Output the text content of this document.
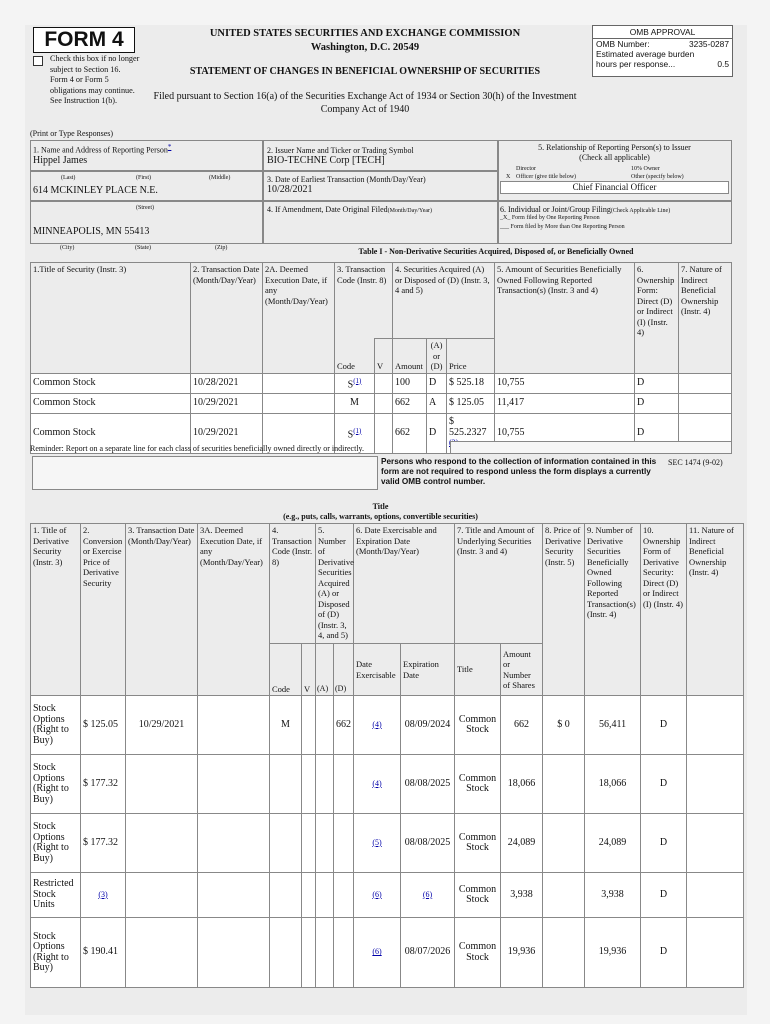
FORM 4
Check this box if no longer subject to Section 16. Form 4 or Form 5 obligations may continue. See Instruction 1(b).
UNITED STATES SECURITIES AND EXCHANGE COMMISSION
Washington, D.C. 20549
STATEMENT OF CHANGES IN BENEFICIAL OWNERSHIP OF SECURITIES
Filed pursuant to Section 16(a) of the Securities Exchange Act of 1934 or Section 30(h) of the Investment Company Act of 1940
OMB APPROVAL
OMB Number:	3235-0287
Estimated average burden
hours per response...	0.5
(Print or Type Responses)
1. Name and Address of Reporting Person*
Hippel James
(Last)	(First)	(Middle)
614 MCKINLEY PLACE N.E.
(Street)
MINNEAPOLIS, MN 55413
(City)	(State)	(Zip)
2. Issuer Name and Ticker or Trading Symbol
BIO-TECHNE Corp [TECH]
3. Date of Earliest Transaction (Month/Day/Year)
10/28/2021
4. If Amendment, Date Original Filed(Month/Day/Year)
5. Relationship of Reporting Person(s) to Issuer
(Check all applicable)
Director	10% Owner
X Officer (give title below)	Other (specify below)
Chief Financial Officer
6. Individual or Joint/Group Filing(Check Applicable Line)
_X_ Form filed by One Reporting Person
___ Form filed by More than One Reporting Person
Table I - Non-Derivative Securities Acquired, Disposed of, or Beneficially Owned
1.Title of Security (Instr. 3)	2. Transaction Date (Month/Day/Year)	2A. Deemed Execution Date, if any (Month/Day/Year)	3. Transaction Code (Instr. 8)		4. Securities Acquired (A) or Disposed of (D) (Instr. 3, 4 and 5)			5. Amount of Securities Beneficially Owned Following Reported Transaction(s) (Instr. 3 and 4)	6. Ownership Form: Direct (D) or Indirect (I) (Instr. 4)	7. Nature of Indirect Beneficial Ownership (Instr. 4)
			Code	V	Amount	(A) or (D)	Price			
Common Stock	10/28/2021		S$^{(1)}$		100	D	$ 525.18	10,755	D	
Common Stock	10/29/2021		M		662	A	$ 125.05	11,417	D	
Common Stock	10/29/2021		S$^{(1)}$		662	D	$ 525.2327	10,755	D	
Reminder: Report on a separate line for each class of securities beneficially owned directly or indirectly.
Persons who respond to the collection of information contained in this form are not required to respond unless the form displays a currently valid OMB control number.
SEC 1474 (9-02)
Title
(e.g., puts, calls, warrants, options, convertible securities)
1. Title of Derivative Security (Instr. 3)	2. Conversion or Exercise Price of Derivative Security	3. Transaction Date (Month/Day/Year)	3A. Deemed Execution Date, if any (Month/Day/Year)	4. Transaction Code (Instr. 8)		5. Number of Derivative Securities Acquired (A) or Disposed of (D) (Instr. 3, 4, and 5)		6. Date Exercisable and Expiration Date (Month/Day/Year)		7. Title and Amount of Underlying Securities (Instr. 3 and 4)		8. Price of Derivative Security (Instr. 5)	9. Number of Derivative Securities Beneficially Owned Following Reported Transaction(s) (Instr. 4)	10. Ownership Form of Derivative Security: Direct (D) or Indirect (I) (Instr. 4)	11. Nature of Indirect Beneficial Ownership (Instr. 4)
				Code	V	(A)	(D)	Date Exercisable	Expiration Date	Title	Amount or Number of Shares				
Stock Options (Right to Buy)	$ 125.05	10/29/2021		M			662	(4)	08/09/2024	Common Stock	662	$ 0	56,411	D	
Stock Options (Right to Buy)	$ 177.32							(4)	08/08/2025	Common Stock	18,066		18,066	D	
Stock Options (Right to Buy)	$ 177.32							(5)	08/08/2025	Common Stock	24,089		24,089	D	
Restricted Stock Units	(3)							(6)	(6)	Common Stock	3,938		3,938	D	
Stock Options (Right to Buy)	$ 190.41							(6)	08/07/2026	Common Stock	19,936		19,936	D	
